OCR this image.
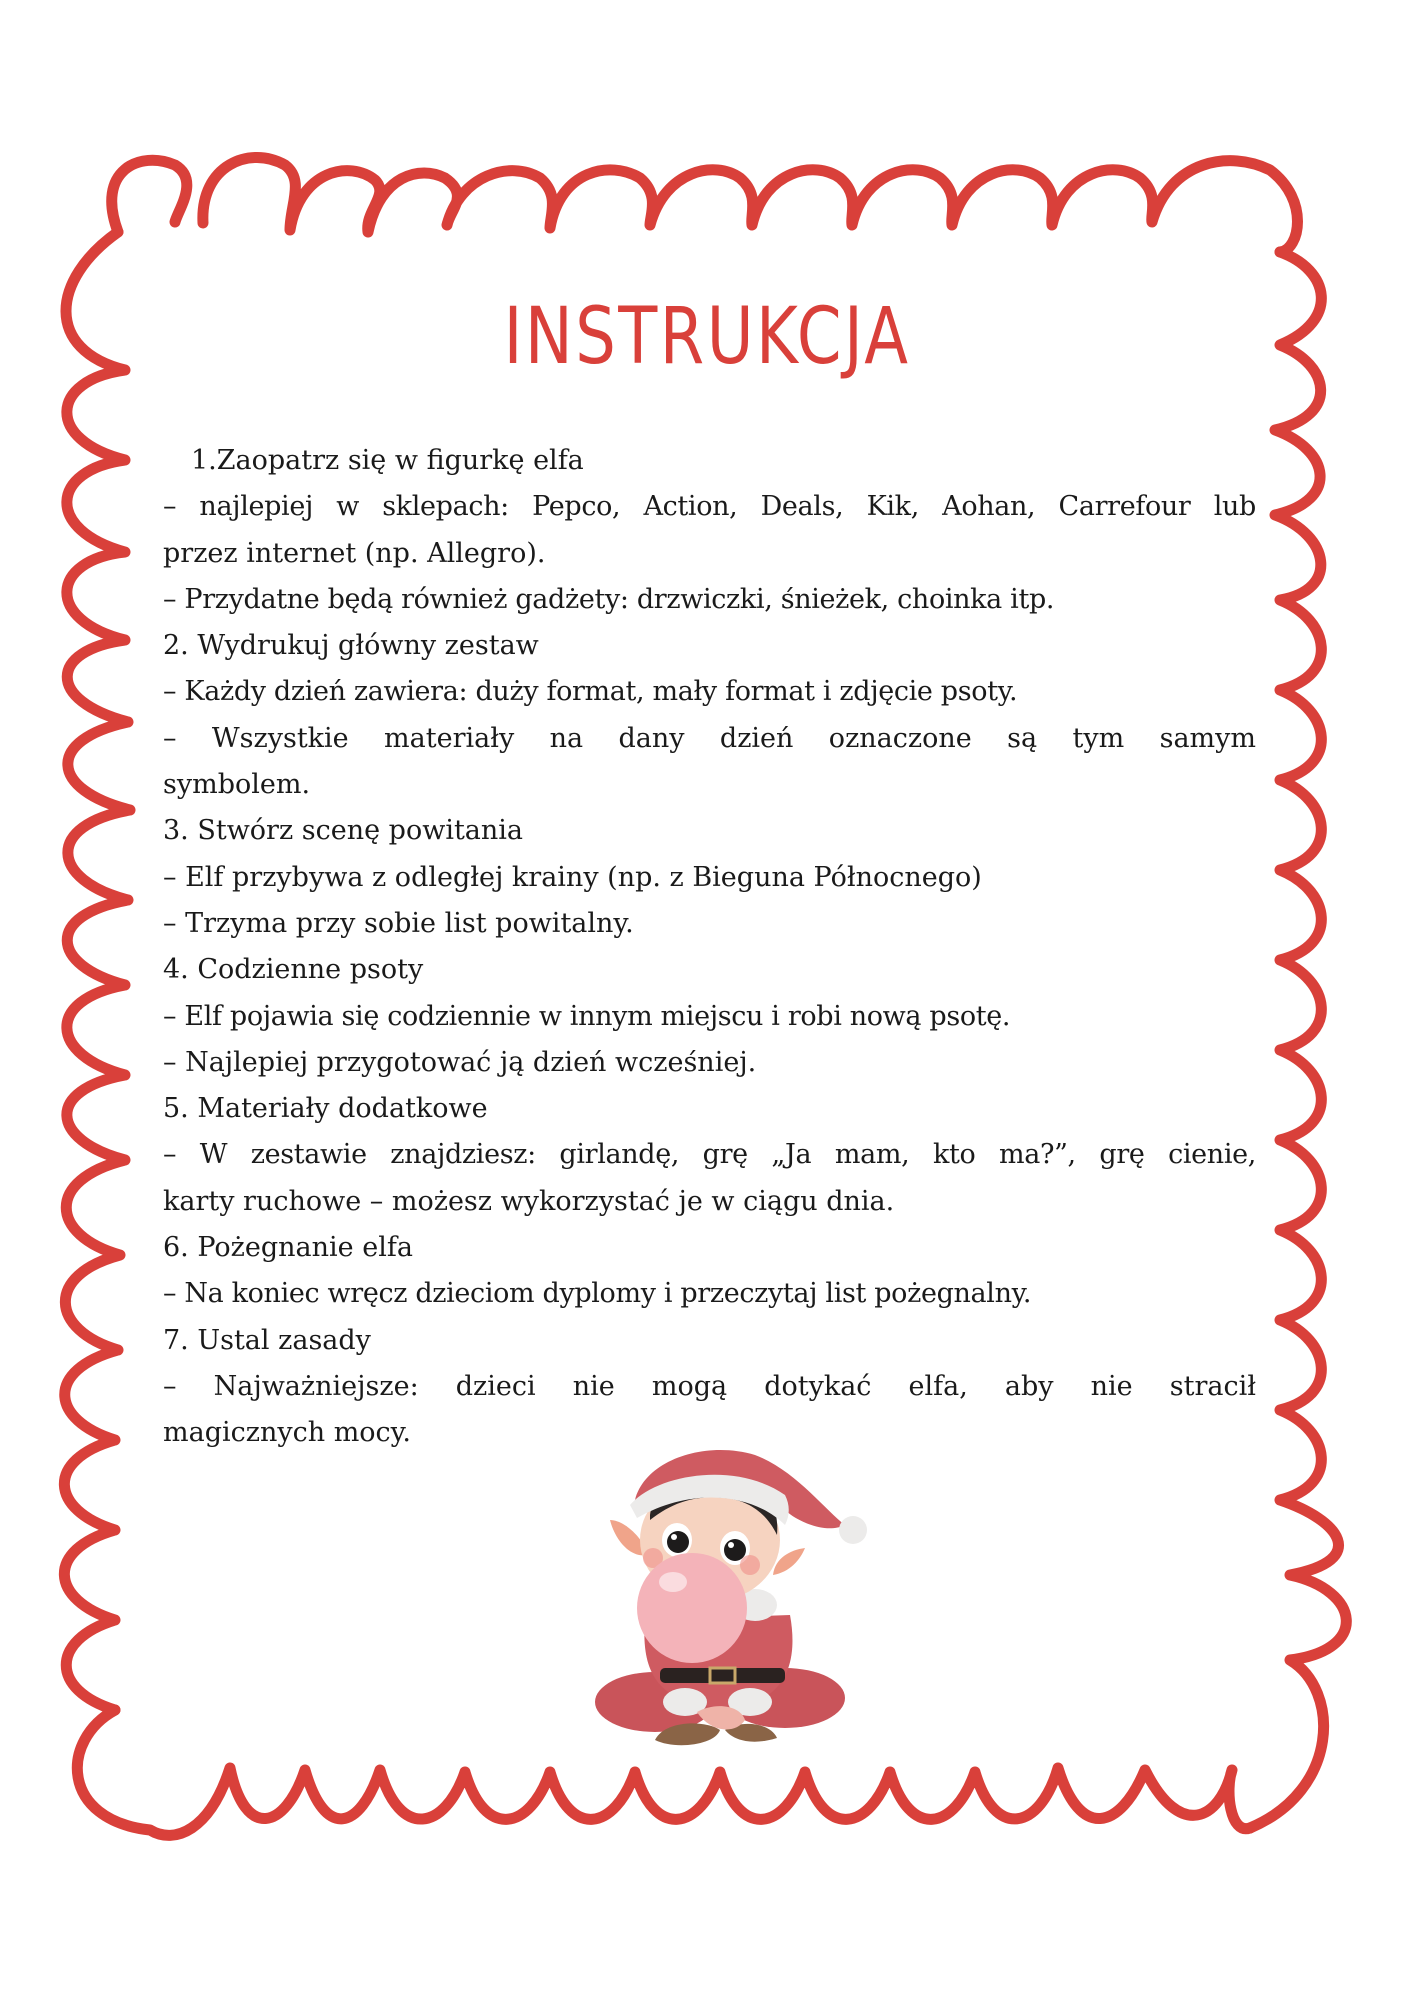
INSTRUKCJA
1.Zaopatrz się w figurkę elfa
– najlepiej w sklepach: Pepco, Action, Deals, Kik, Aohan, Carrefour lub
przez internet (np. Allegro).
– Przydatne będą również gadżety: drzwiczki, śnieżek, choinka itp.
2. Wydrukuj główny zestaw
– Każdy dzień zawiera: duży format, mały format i zdjęcie psoty.
– Wszystkie materiały na dany dzień oznaczone są tym samym
symbolem.
3. Stwórz scenę powitania
– Elf przybywa z odległej krainy (np. z Bieguna Północnego)
– Trzyma przy sobie list powitalny.
4. Codzienne psoty
– Elf pojawia się codziennie w innym miejscu i robi nową psotę.
– Najlepiej przygotować ją dzień wcześniej.
5. Materiały dodatkowe
– W zestawie znajdziesz: girlandę, grę „Ja mam, kto ma?”, grę cienie,
karty ruchowe – możesz wykorzystać je w ciągu dnia.
6. Pożegnanie elfa
– Na koniec wręcz dzieciom dyplomy i przeczytaj list pożegnalny.
7. Ustal zasady
– Najważniejsze: dzieci nie mogą dotykać elfa, aby nie stracił
magicznych mocy.
